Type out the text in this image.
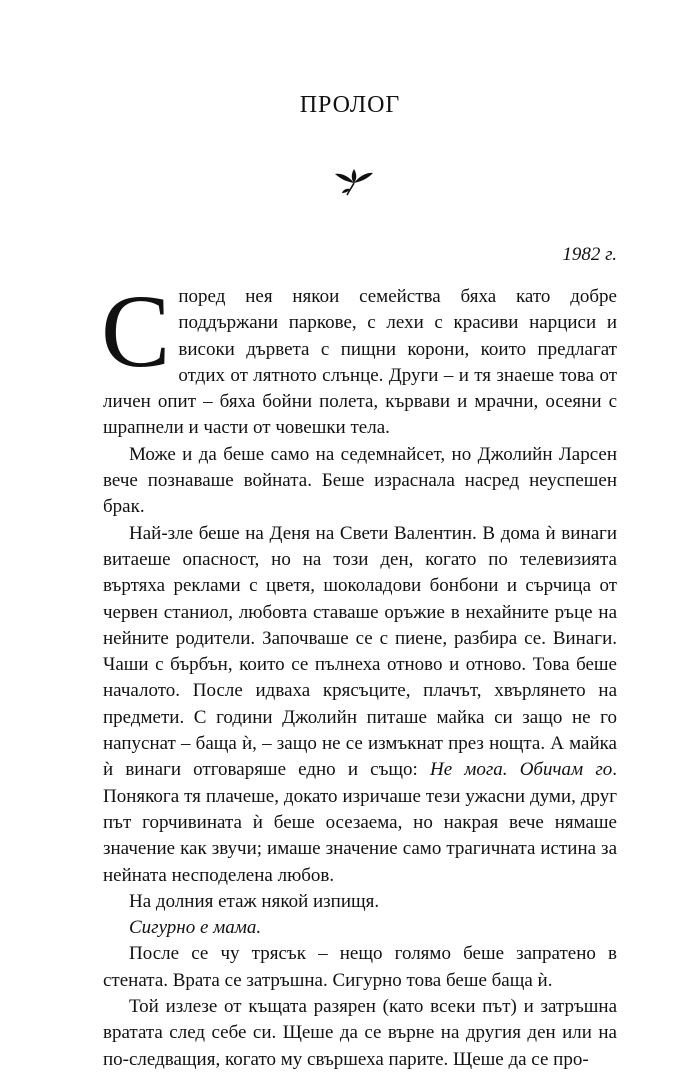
ПРОЛОГ
1982 г.

Според нея някои семейства бяха като добре поддържани паркове, с лехи с красиви нарциси и високи дървета с пищни корони, които предлагат отдих от лятното слънце. Други – и тя знаеше това от личен опит – бяха бойни полета, кървави и мрачни, осеяни с шрапнели и части от човешки тела.

Може и да беше само на седемнайсет, но Джолийн Ларсен вече познаваше войната. Беше израснала насред неуспешен брак.

Най-зле беше на Деня на Свети Валентин. В дома ѝ винаги витаеше опасност, но на този ден, когато по телевизията въртяха реклами с цветя, шоколадови бонбони и сърчица от червен станиол, любовта ставаше оръжие в нехайните ръце на нейните родители. Започваше се с пиене, разбира се. Винаги. Чаши с бърбън, които се пълнеха отново и отново. Това беше началото. После идваха крясъците, плачът, хвърлянето на предмети. С години Джолийн питаше майка си защо не го напуснат – баща ѝ, – защо не се измъкнат през нощта. А майка ѝ винаги отговаряше едно и също: Не мога. Обичам го. Понякога тя плачеше, докато изричаше тези ужасни думи, друг път горчивината ѝ беше осезаема, но накрая вече нямаше значение как звучи; имаше значение само трагичната истина за нейната несподелена любов.

На долния етаж някой изпищя.

Сигурно е мама.

После се чу трясък – нещо голямо беше запратено в стената. Врата се затръшна. Сигурно това беше баща ѝ.

Той излезе от къщата разярен (като всеки път) и затръшна вратата след себе си. Щеше да се върне на другия ден или на по-следващия, когато му свършеха парите. Щеше да се про-
